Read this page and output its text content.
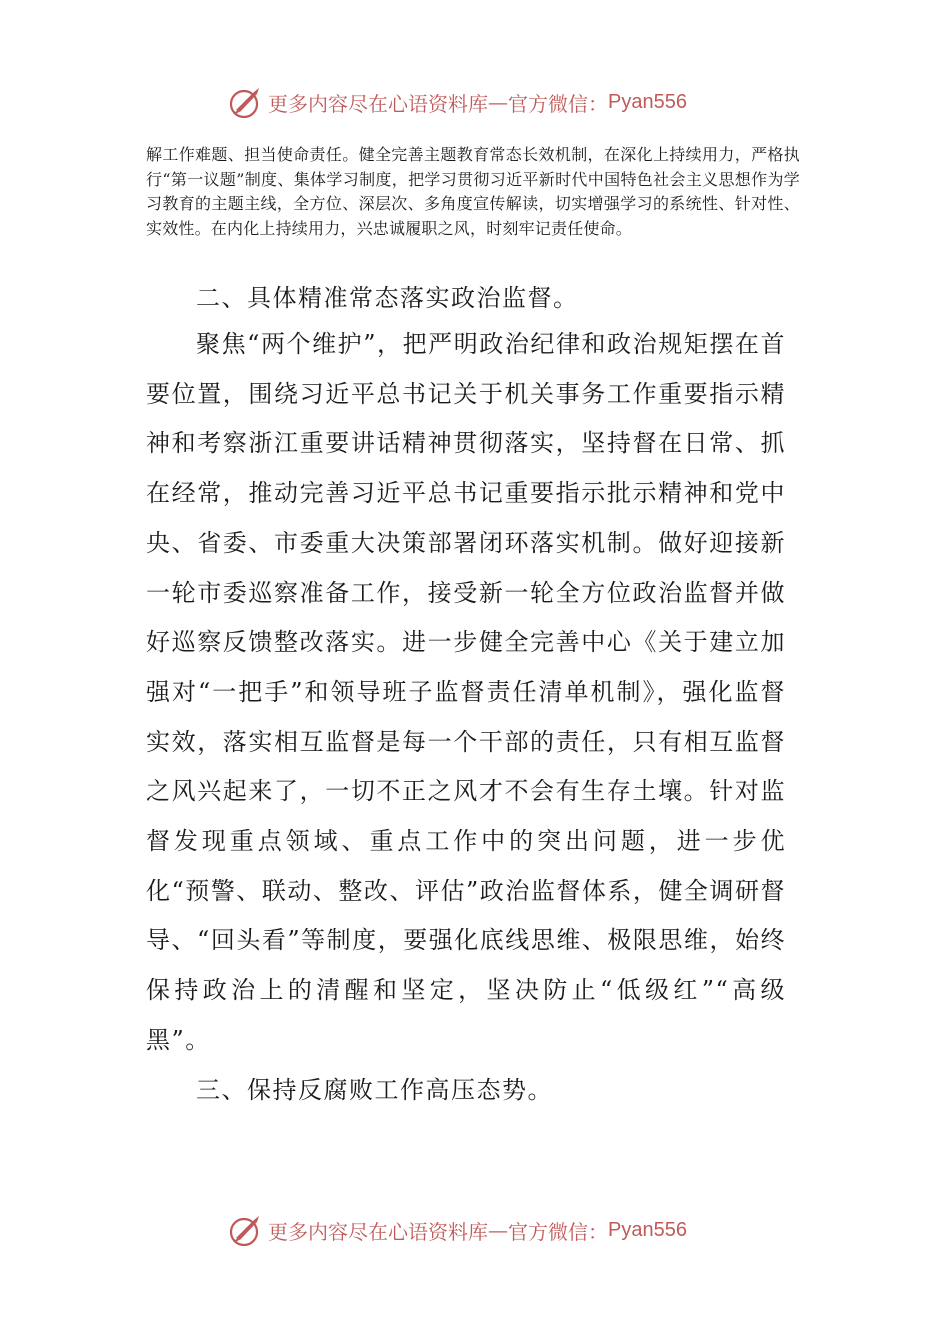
更多内容尽在心语资料库 — 官方微信： Pyan556
解工作难题、担当使命责任。健全完善主题教育常态长效机制，在深化上持续用力，严格执行“第一议题”制度、集体学习制度，把学习贯彻习近平新时代中国特色社会主义思想作为学习教育的主题主线，全方位、深层次、多角度宣传解读，切实增强学习的系统性、针对性、实效性。在内化上持续用力，兴忠诚履职之风，时刻牢记责任使命。
二、具体精准常态落实政治监督。
聚焦“两个维护”，把严明政治纪律和政治规矩摆在首要位置，围绕习近平总书记关于机关事务工作重要指示精神和考察浙江重要讲话精神贯彻落实，坚持督在日常、抓在经常，推动完善习近平总书记重要指示批示精神和党中央、省委、市委重大决策部署闭环落实机制。做好迎接新一轮市委巡察准备工作，接受新一轮全方位政治监督并做好巡察反馈整改落实。进一步健全完善中心《关于建立加强对“一把手”和领导班子监督责任清单机制》，强化监督实效，落实相互监督是每一个干部的责任，只有相互监督之风兴起来了，一切不正之风才不会有生存土壤。针对监督发现重点领域、重点工作中的突出问题，进一步优化“预警、联动、整改、评估”政治监督体系，健全调研督导、“回头看”等制度，要强化底线思维、极限思维，始终保持政治上的清醒和坚定，坚决防止“低级红”“高级黑”。
三、保持反腐败工作高压态势。
更多内容尽在心语资料库 — 官方微信： Pyan556
